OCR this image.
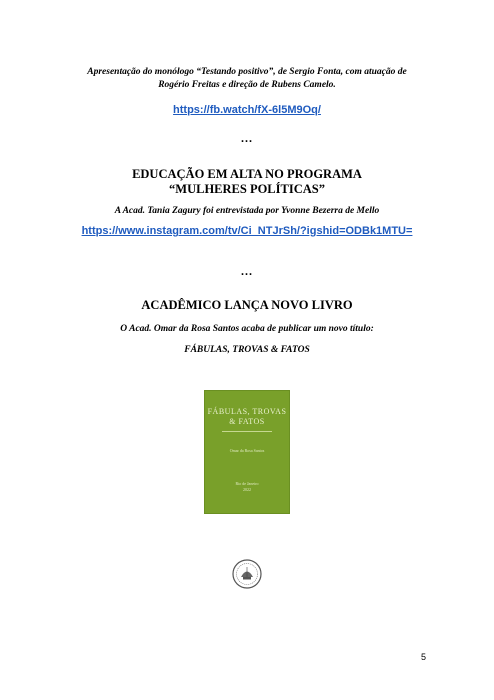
Apresentação do monólogo “Testando positivo”, de Sergio Fonta, com atuação de
Rogério Freitas e direção de Rubens Camelo.
https://fb.watch/fX-6l5M9Oq/
...
EDUCAÇÃO EM ALTA NO PROGRAMA
“MULHERES POLÍTICAS”
A Acad. Tania Zagury foi entrevistada por Yvonne Bezerra de Mello
https://www.instagram.com/tv/Ci_NTJrSh/?igshid=ODBk1MTU=
...
ACADÊMICO LANÇA NOVO LIVRO
O Acad. Omar da Rosa Santos acaba de publicar um novo título:
FÁBULAS, TROVAS & FATOS
FÁBULAS, TROVAS
& FATOS
Omar da Rosa Santos
Rio de Janeiro
2022
5
